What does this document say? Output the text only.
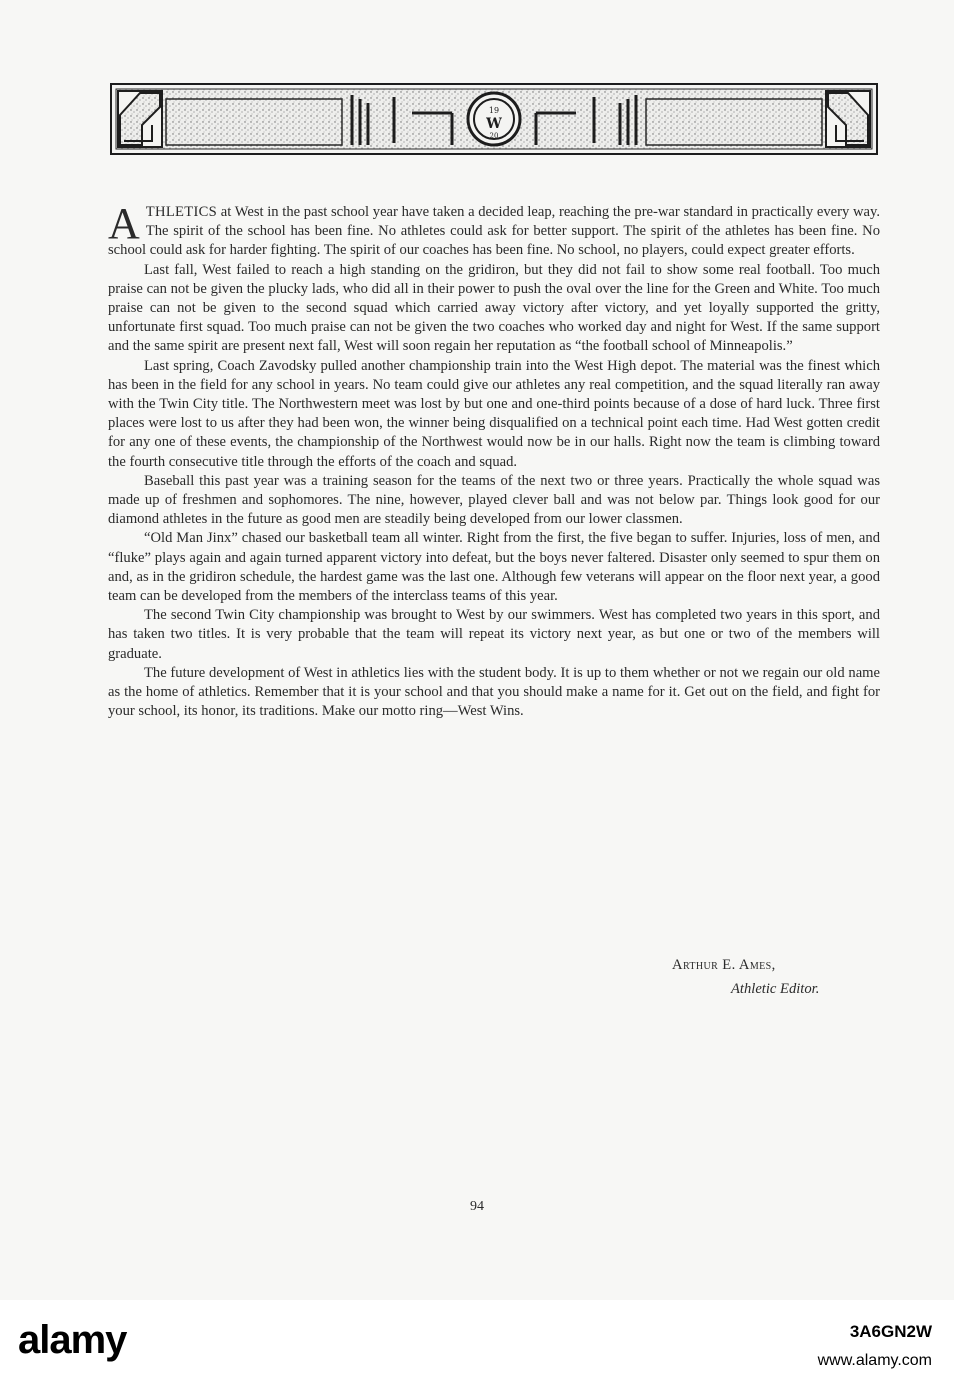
19
W
20

ATHLETICS at West in the past school year have taken a decided leap, reaching the pre-war standard in practically every way. The spirit of the school has been fine. No athletes could ask for better support. The spirit of the athletes has been fine. No school could ask for harder fighting. The spirit of our coaches has been fine. No school, no players, could expect greater efforts.

Last fall, West failed to reach a high standing on the gridiron, but they did not fail to show some real football. Too much praise can not be given the plucky lads, who did all in their power to push the oval over the line for the Green and White. Too much praise can not be given to the second squad which carried away victory after victory, and yet loyally supported the gritty, unfortunate first squad. Too much praise can not be given the two coaches who worked day and night for West. If the same support and the same spirit are present next fall, West will soon regain her reputation as “the football school of Minneapolis.”

Last spring, Coach Zavodsky pulled another championship train into the West High depot. The material was the finest which has been in the field for any school in years. No team could give our athletes any real competition, and the squad literally ran away with the Twin City title. The Northwestern meet was lost by but one and one-third points because of a dose of hard luck. Three first places were lost to us after they had been won, the winner being disqualified on a technical point each time. Had West gotten credit for any one of these events, the championship of the Northwest would now be in our halls. Right now the team is climbing toward the fourth consecutive title through the efforts of the coach and squad.

Baseball this past year was a training season for the teams of the next two or three years. Practically the whole squad was made up of freshmen and sophomores. The nine, however, played clever ball and was not below par. Things look good for our diamond athletes in the future as good men are steadily being developed from our lower classmen.

“Old Man Jinx” chased our basketball team all winter. Right from the first, the five began to suffer. Injuries, loss of men, and “fluke” plays again and again turned apparent victory into defeat, but the boys never faltered. Disaster only seemed to spur them on and, as in the gridiron schedule, the hardest game was the last one. Although few veterans will appear on the floor next year, a good team can be developed from the members of the interclass teams of this year.

The second Twin City championship was brought to West by our swimmers. West has completed two years in this sport, and has taken two titles. It is very probable that the team will repeat its victory next year, as but one or two of the members will graduate.

The future development of West in athletics lies with the student body. It is up to them whether or not we regain our old name as the home of athletics. Remember that it is your school and that you should make a name for it. Get out on the field, and fight for your school, its honor, its traditions. Make our motto ring—West Wins.

Arthur E. Ames,
Athletic Editor.
94
alamy	3A6GN2W
www.alamy.com
